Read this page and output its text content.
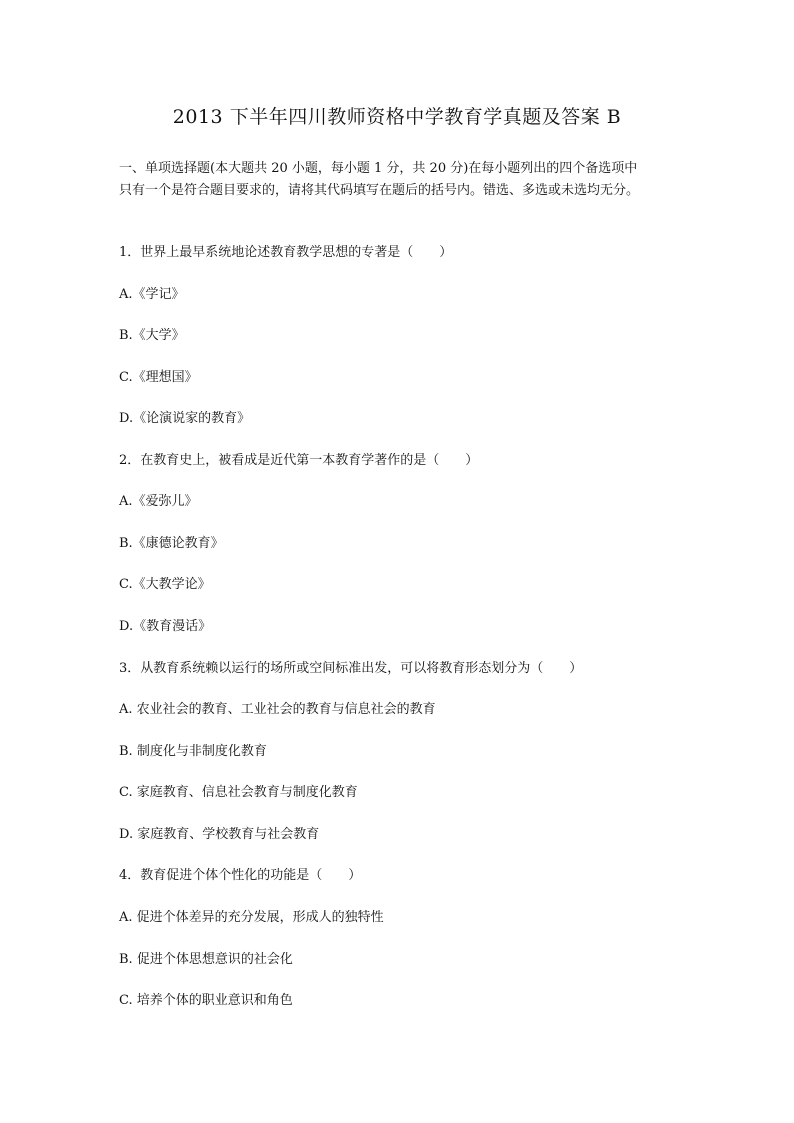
2013 下半年四川教师资格中学教育学真题及答案 B
一、单项选择题(本大题共 20 小题，每小题 1 分，共 20 分)在每小题列出的四个备选项中
只有一个是符合题目要求的，请将其代码填写在题后的括号内。错选、多选或未选均无分。
1．世界上最早系统地论述教育教学思想的专著是（　　）
A.《学记》
B.《大学》
C.《理想国》
D.《论演说家的教育》
2．在教育史上，被看成是近代第一本教育学著作的是（　　）
A.《爱弥儿》
B.《康德论教育》
C.《大教学论》
D.《教育漫话》
3．从教育系统赖以运行的场所或空间标准出发，可以将教育形态划分为（　　）
A. 农业社会的教育、工业社会的教育与信息社会的教育
B. 制度化与非制度化教育
C. 家庭教育、信息社会教育与制度化教育
D. 家庭教育、学校教育与社会教育
4．教育促进个体个性化的功能是（　　）
A. 促进个体差异的充分发展，形成人的独特性
B. 促进个体思想意识的社会化
C. 培养个体的职业意识和角色
